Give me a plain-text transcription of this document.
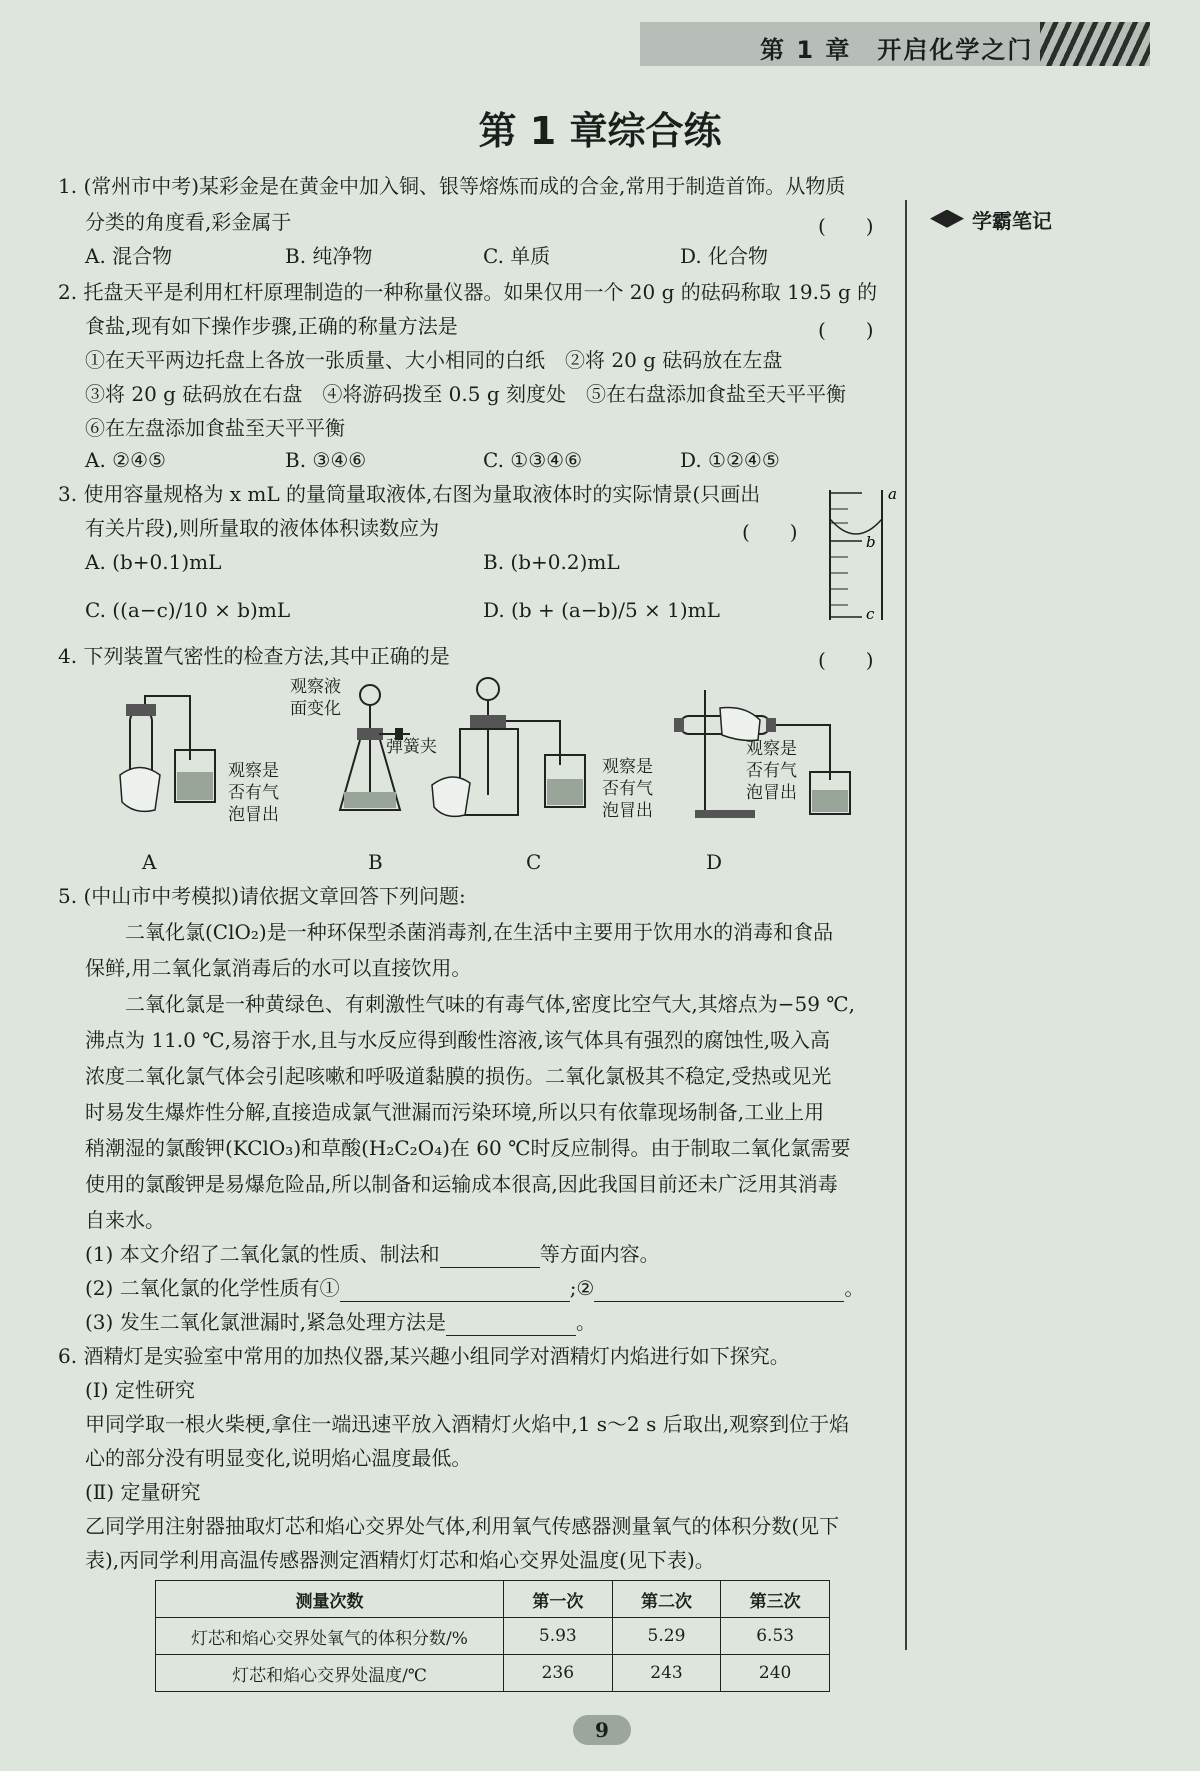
第 1 章　开启化学之门
第 1 章综合练
学霸笔记
1. (常州市中考)某彩金是在黄金中加入铜、银等熔炼而成的合金,常用于制造首饰。从物质
分类的角度看,彩金属于	(　　)
A. 混合物	B. 纯净物	C. 单质	D. 化合物
2. 托盘天平是利用杠杆原理制造的一种称量仪器。如果仅用一个 20 g 的砝码称取 19.5 g 的
食盐,现有如下操作步骤,正确的称量方法是	(　　)
①在天平两边托盘上各放一张质量、大小相同的白纸　②将 20 g 砝码放在左盘
③将 20 g 砝码放在右盘　④将游码拨至 0.5 g 刻度处　⑤在右盘添加食盐至天平平衡
⑥在左盘添加食盐至天平平衡
A. ②④⑤	B. ③④⑥	C. ①③④⑥	D. ①②④⑤
3. 使用容量规格为 x mL 的量筒量取液体,右图为量取液体时的实际情景(只画出
有关片段),则所量取的液体体积读数应为	(　　)
A. (b+0.1)mL	B. (b+0.2)mL
C. ((a−c)/10 × b)mL	D. (b + (a−b)/5 × 1)mL
a
b
c
4. 下列装置气密性的检查方法,其中正确的是	(　　)
观察是
否有气
泡冒出
观察液
面变化
弹簧夹
观察是
否有气
泡冒出
观察是
否有气
泡冒出
A	B	C	D
5. (中山市中考模拟)请依据文章回答下列问题:
　　二氧化氯(ClO₂)是一种环保型杀菌消毒剂,在生活中主要用于饮用水的消毒和食品
保鲜,用二氧化氯消毒后的水可以直接饮用。
　　二氧化氯是一种黄绿色、有刺激性气味的有毒气体,密度比空气大,其熔点为−59 ℃,
沸点为 11.0 ℃,易溶于水,且与水反应得到酸性溶液,该气体具有强烈的腐蚀性,吸入高
浓度二氧化氯气体会引起咳嗽和呼吸道黏膜的损伤。二氧化氯极其不稳定,受热或见光
时易发生爆炸性分解,直接造成氯气泄漏而污染环境,所以只有依靠现场制备,工业上用
稍潮湿的氯酸钾(KClO₃)和草酸(H₂C₂O₄)在 60 ℃时反应制得。由于制取二氧化氯需要
使用的氯酸钾是易爆危险品,所以制备和运输成本很高,因此我国目前还未广泛用其消毒
自来水。
(1) 本文介绍了二氧化氯的性质、制法和	等方面内容。
(2) 二氧化氯的化学性质有①	;②	。
(3) 发生二氧化氯泄漏时,紧急处理方法是	。
6. 酒精灯是实验室中常用的加热仪器,某兴趣小组同学对酒精灯内焰进行如下探究。
(Ⅰ) 定性研究
甲同学取一根火柴梗,拿住一端迅速平放入酒精灯火焰中,1 s～2 s 后取出,观察到位于焰
心的部分没有明显变化,说明焰心温度最低。
(Ⅱ) 定量研究
乙同学用注射器抽取灯芯和焰心交界处气体,利用氧气传感器测量氧气的体积分数(见下
表),丙同学利用高温传感器测定酒精灯灯芯和焰心交界处温度(见下表)。
测量次数	第一次	第二次	第三次
灯芯和焰心交界处氧气的体积分数/%	5.93	5.29	6.53
灯芯和焰心交界处温度/℃	236	243	240
9
